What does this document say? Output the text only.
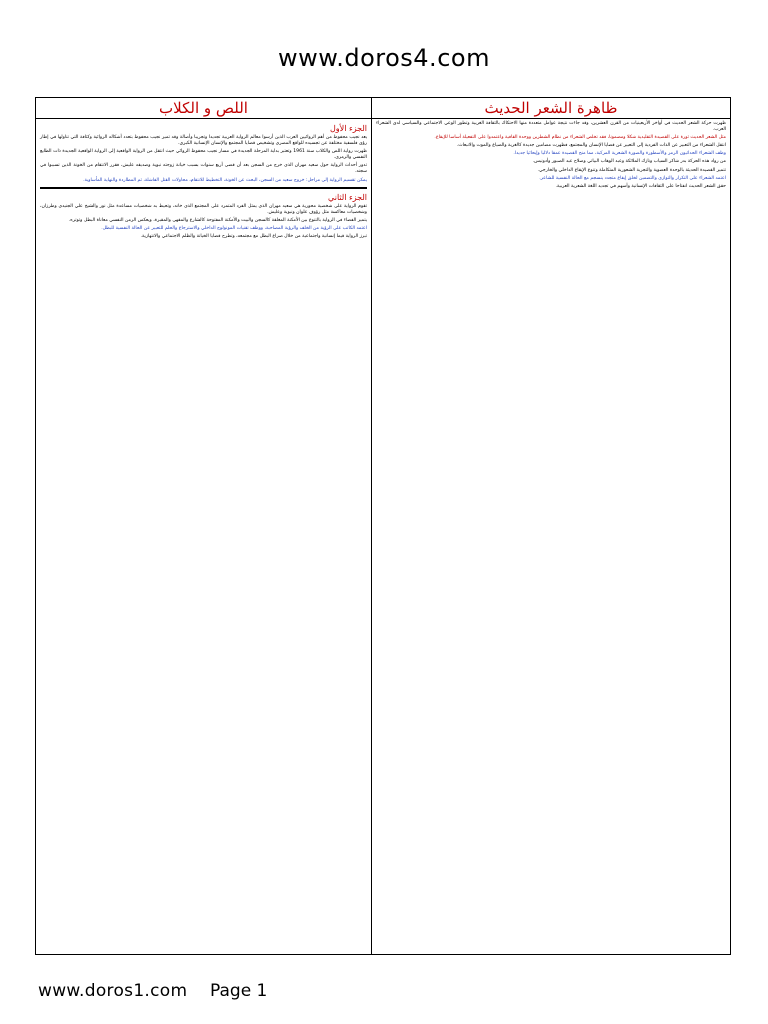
www.doros4.com
اللص و الكلاب
الجزء الأول

يعد نجيب محفوظ من أهم الروائيين العرب الذين أرسوا معالم الرواية العربية تجديدا وتجريبا وأصالة وقد تميز نجيب محفوظ بتعدد أشكاله الروائية وكثافة التي تناولها في إطار رؤى فلسفية مختلفة عن تجسيده للواقع المصري وتشخيص قضايا المجتمع والإنسان الإنسانية الكبرى.

ظهرت رواية اللص والكلاب سنة 1961 وتعتبر بداية المرحلة الجديدة في مسار نجيب محفوظ الروائي حيث انتقل من الرواية الواقعية إلى الرواية الواقعية الجديدة ذات الطابع النفسي والرمزي.

تدور أحداث الرواية حول سعيد مهران الذي خرج من السجن بعد أن قضى أربع سنوات بسبب خيانة زوجته نبوية وصديقه عليش، فقرر الانتقام من الخونة الذين تسببوا في سجنه.

يمكن تقسيم الرواية إلى مراحل: خروج سعيد من السجن، البحث عن الخونة، التخطيط للانتقام، محاولات القتل الفاشلة، ثم المطاردة والنهاية المأساوية.

الجزء الثاني

تقوم الرواية على شخصية محورية هي سعيد مهران الذي يمثل الفرد المتمرد على المجتمع الذي خانه، وتحيط به شخصيات مساعدة مثل نور والشيخ علي الجنيدي وطرزان، وشخصيات معاكسة مثل رؤوف علوان ونبوية وعليش.

يتميز الفضاء في الرواية بالتنوع بين الأمكنة المغلقة كالسجن والبيت والأمكنة المفتوحة كالشارع والمقهى والمقبرة، ويعكس الزمن النفسي معاناة البطل وتوتره.

اعتمد الكاتب على الرؤية من الخلف والرؤية المصاحبة، ووظف تقنيات المونولوج الداخلي والاسترجاع والحلم للتعبير عن الحالة النفسية للبطل.

تبرز الرواية قيما إنسانية واجتماعية من خلال صراع البطل مع مجتمعه، وتطرح قضايا الخيانة والظلم الاجتماعي والانتهازية.

ظاهرة الشعر الحديث

ظهرت حركة الشعر الحديث في أواخر الأربعينيات من القرن العشرين، وقد جاءت نتيجة عوامل متعددة منها الاحتكاك بالثقافة الغربية وتطور الوعي الاجتماعي والسياسي لدى الشعراء العرب.

مثل الشعر الحديث ثورة على القصيدة التقليدية شكلا ومضمونا، فقد تخلص الشعراء من نظام الشطرين ووحدة القافية واعتمدوا على التفعيلة أساسا للإيقاع.

انتقل الشعراء من التعبير عن الذات الفردية إلى التعبير عن قضايا الإنسان والمجتمع، فظهرت مضامين جديدة كالغربة والضياع والموت والانبعاث.

وظف الشعراء الحداثيون الرمز والأسطورة والصورة الشعرية المركبة، مما منح القصيدة عمقا دلاليا وإيحائيا جديدا.

من رواد هذه الحركة بدر شاكر السياب ونازك الملائكة وعبد الوهاب البياتي وصلاح عبد الصبور وأدونيس.

تتميز القصيدة الحديثة بالوحدة العضوية والتجربة الشعورية المتكاملة وتنوع الإيقاع الداخلي والخارجي.

اعتمد الشعراء على التكرار والتوازي والتضمين لخلق إيقاع متجدد ينسجم مع الحالة النفسية للشاعر.

حقق الشعر الحديث انفتاحا على الثقافات الإنسانية وأسهم في تجديد اللغة الشعرية العربية.

www.doros1.com Page 1
